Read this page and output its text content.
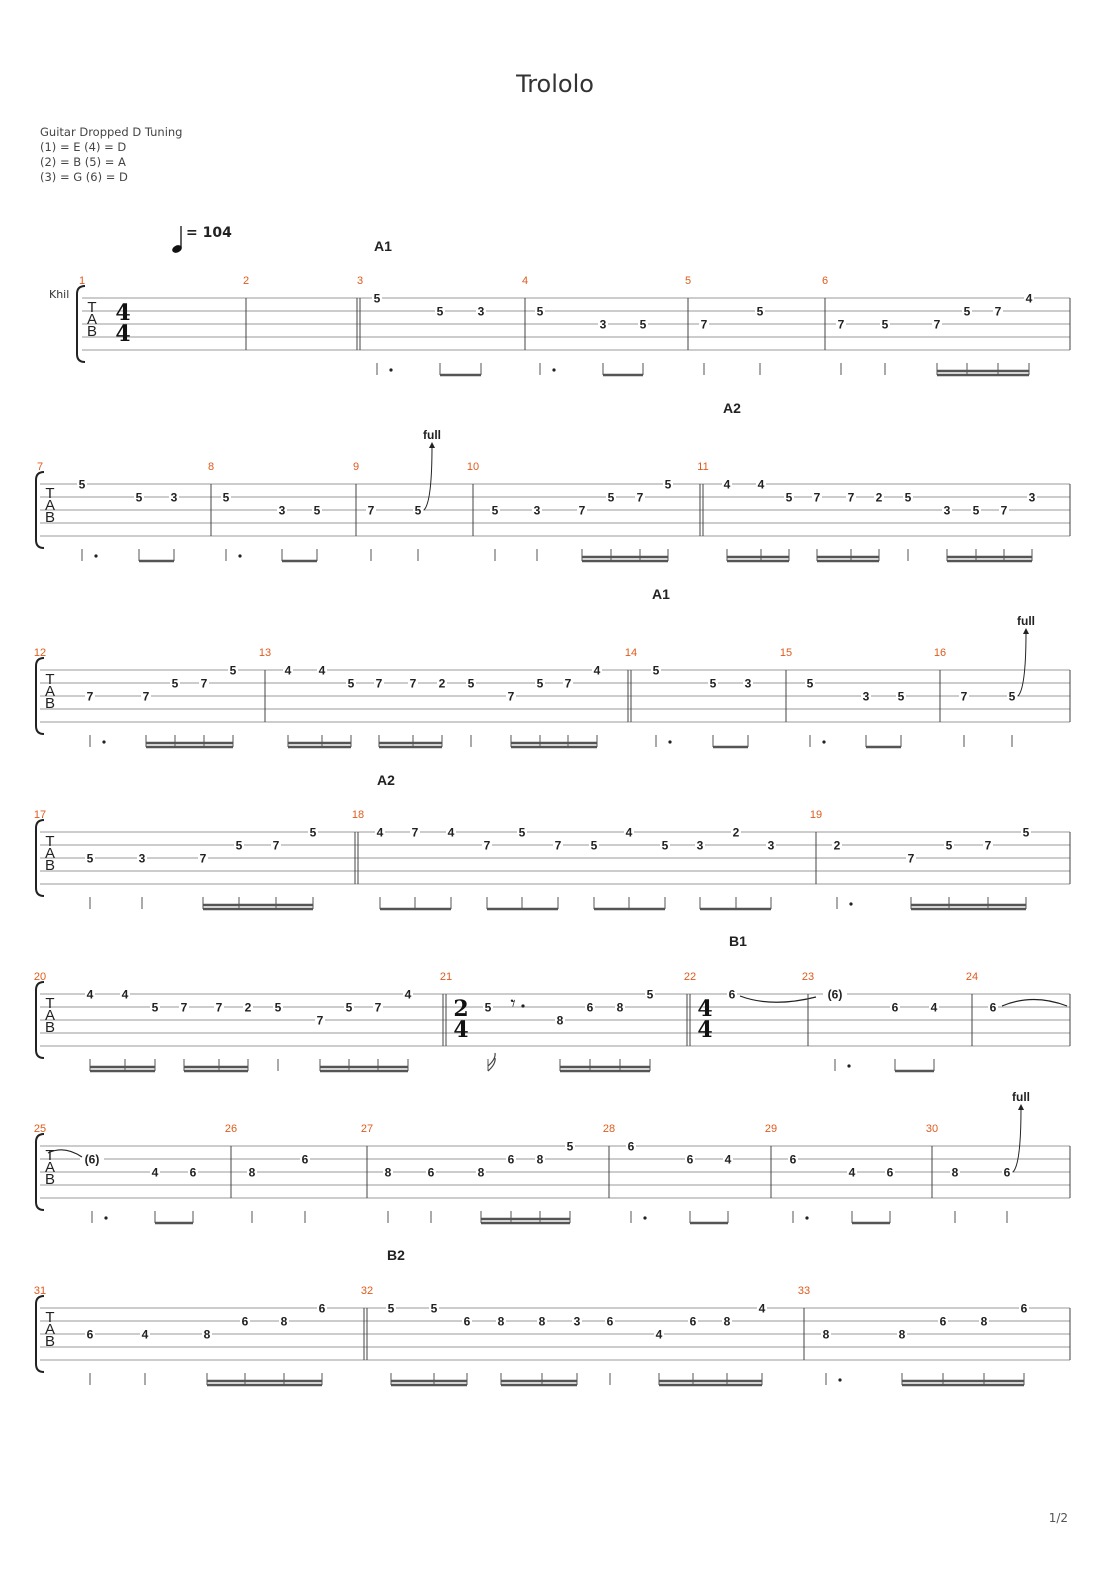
Trololo
Guitar Dropped D Tuning
(1) = E (4) = D
(2) = B (5) = A
(3) = G (6) = D
= 104
Khil
1/2
T
A
B
1	2	3
5
5	3
4
5
3	5
5
7
5
6
7	5	7
5 7
4
T
A
B
7
5
5 3
8
5
3 5
9
7	5
full
10
5	3	7
5 7
5
11
4 4
5 7 7 2 5
3 5 7
3
T
A
B
12
7	7
5 7
5
13
4 4
5 7 7 2 5
7
5 7
4
14
5
5 3
15
5
3 5
16
7	5
full
T
A
B
17
5	3	7
5	7
5
18
4 7 4
7
5
7 5
4
5 3
2
3
19
2
7
5	7
5
T
A
B
20
4 4
5 7 7 2 5
7
5 7
4
21
5 𝄾
8
6 8
5
22
6
23
(6)
6	4
24
6
T
A
B
25
(6)
4	6
26
8
6
27
8	6	8
6 8
5
28
6
6	4
29
6
4	6
30
8	6
full
T
A
B
31
6	4	8
6	8
6
32
5	5
6 8	8 3 6
4
6 8
4
33
8	8
6	8
6
4
4
2
4
4
4
A1
A2
A1
A2
B1
B2
